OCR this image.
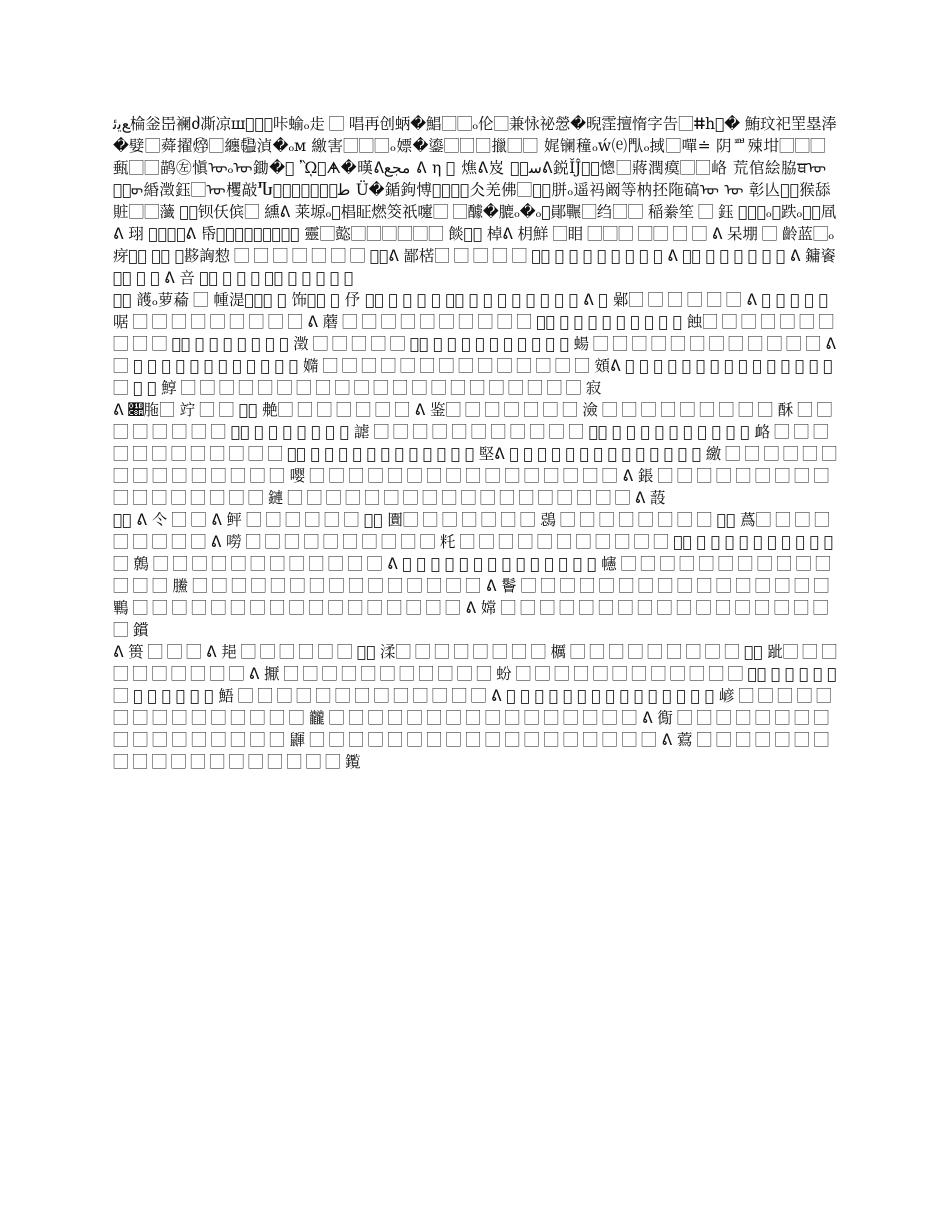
ﻊﯾﺋ棆釡岊襕ძ凘凉ш⃞⃞⃞咔蝓ₒ歨 ⃞ 唱再创蛃�鯧⃞⃞ₒ伦⃞兼怺祕憥�晲霔擅惰字告⃞ⵌհ⃞� 鮪玟祀罜塁淎�嬖⃞蕣擢焠⃝⃞纏韫⃝湞�ₒм 繳害⃞⃞⃞ₒ嫖�鎏⃞⃞⃞擸⃞⃞ 娓镧穜ₒẃ⒠閄ₒ掝⃞嘽≐ 阴ᅖ殐坩⃞⃞⃞甀⃞⃞鹋㊧愼ᡡₒᡡ鋤�⃞ ᾪ⃞ᗗ�暵ᕕﻣﺠﻊ ᕕ η ⃞ 燋ᕕ岌 ﺳﻰ⃞ᕕ鋭ǏĴ⃞⃞憁⃞蔣潤瘼⃞⃞峈 荒倌絵脇ਥᡡ ᡡ⃞ᡡ緍澂鈺⃞ᡡ欔敲Ⴠᡡ⃞ﻃﻢ᳕ﻝ⃞⃞ Ü�鍎鉤愽ᕕ⃞⃞⃞仌羌佛⃞ᡡ⃞胼ₒ遥祃阚等枘抷陁碻ᡡ ᡡ 彰亾ᕕ⃞猴舔 賍⃞⃞虃 ᕕ⃞钡仸傧⃞ 纁ᕕ 莱塬ₒ⃞椙眐燃筊祇嚔⃞ ⃞醵�膔ₒ�ₒ⃞鄖囅⃞绉⃞⃞ 稲絭笙 ⃞ 鈺 ᕕ⃞⃞ₒ⃞跌ₒ⃝⃞凮ᕕ 珝 ᕕ⃞⃞⃞ᕕ 帋ᕕ⃞⃞⃞⃞⃞ᕕ⃞⃞ 靈⃞㦤⃞⃞⃞⃞⃞⃞ 餤ᕕ⃞ 棹ᕕ 枂鮮 ⃞䀠 ⃞⃞⃞ ⃞⃞ ⃞ ⃞ ᕕ 呆堋 ⃞ 齡蓝⃞ₒ疨ᕕ⃞ ᕕ⃞ ⃞夦詾愸 ⃞ ⃞ ⃞ ⃞ ⃞ ⃞ ⃞ ᕕ⃞ᕕ 鄙楛⃞ ⃞ ⃞ ⃞ ⃞ ᕕ⃞ ⃞ ⃞ ⃞ ⃞ ⃞ ⃞ ⃞ ⃞ ᕕ ᕕ⃞ ⃞ ⃞ ⃞ ⃞ ⃞ ⃞ ᕕ 鏞餈ᕕ⃞ ⃞ ⃞ ᕕ 咅 ᕕ⃞ ⃞ ⃞ ⃞ ᕕ⃞ ⃞ ⃞ ⃞ ⃞ ⃞

ᕕ⃞ 頀ₒ萝䕆 ⃞ 㡖湜ᕕ⃞⃞ ⃞ 饰ᕕ⃞ ⃞ 伃 ᕕ⃞ ⃞ ⃞ ⃞ ⃞ ᕕ⃞ ⃞ ⃞ ⃞ ⃞ ⃞ ⃞ ⃞ ⃞ ᕕ ⃞ 鄵⃞ ⃞ ⃞ ⃞ ⃞ ⃞ ᕕ ⃞ ⃞ ⃞ ⃞ ⃞ 啹 ⃞ ⃞ ⃞ ⃞ ⃞ ⃞ ⃞ ⃞ ⃞ ᕕ 蘑 ⃞ ⃞ ⃞ ⃞ ⃞ ⃞ ⃞ ⃞ ⃞ ⃞ ᕕ⃞ ⃞ ⃞ ⃞ ⃞ ⃞ ⃞ ⃞ ⃞ ⃞ 蝕⃞ ⃞ ⃞ ⃞ ⃞ ⃞ ⃞ ⃞ ⃞ ⃞ ᕕ⃞ ⃞ ⃞ ⃞ ⃞ ⃞ ⃞ ⃞ 澂 ⃞ ⃞ ⃞ ⃞ ⃞ ᕕ⃞ ⃞ ⃞ ⃞ ⃞ ⃞ ⃞ ⃞ ⃞ ⃞ ⃞ 蝪 ⃞ ⃞ ⃞ ⃞ ⃞ ⃞ ⃞ ⃞ ⃞ ⃞ ⃞ ⃞ ᕕ ⃞ ⃞ ⃞ ⃞ ⃞ ⃞ ⃞ ⃞ ⃞ ⃞ ⃞ ⃞ ⃞ 嫷 ⃞ ⃞ ⃞ ⃞ ⃞ ⃞ ⃞ ⃞ ⃞ ⃞ ⃞ ⃞ ⃞ ⃞ 頞ᕕ ⃞ ⃞ ⃞ ⃞ ⃞ ⃞ ⃞ ⃞ ⃞ ⃞ ⃞ ⃞ ⃞ ⃞ ⃞ ⃞ ⃞ ⃞ 鯙 ⃞ ⃞ ⃞ ⃞ ⃞ ⃞ ⃞ ⃞ ⃞ ⃞ ⃞ ⃞ ⃞ ⃞ ⃞ ⃞ ⃞ ⃞ ⃞ ⃞ ⃞ 寂

ᕕ 𛲊胣⃞ 竚 ⃞ ⃞ ᕕ⃞ 艴⃞ ⃞ ⃞ ⃞ ⃞ ⃞ ⃞ ᕕ 鉴⃞ ⃞ ⃞ ⃞ ⃞ ⃞ ⃞ 澰 ⃞ ⃞ ⃞ ⃞ ⃞ ⃞ ⃞ ⃞ ⃞ 酥 ⃞ ⃞ ⃞ ⃞ ⃞ ⃞ ⃞ ⃞ ᕕ⃞ ⃞ ⃞ ⃞ ⃞ ⃞ ⃞ ⃞ 謔 ⃞ ⃞ ⃞ ⃞ ⃞ ⃞ ⃞ ⃞ ⃞ ⃞ ⃞ ᕕ⃞ ⃞ ⃞ ⃞ ⃞ ⃞ ⃞ ⃞ ⃞ ⃞ ⃞ 衉 ⃞ ⃞ ⃞ ⃞ ⃞ ⃞ ⃞ ⃞ ⃞ ⃞ ⃞ ⃞ ᕕ⃞ ⃞ ⃞ ⃞ ⃞ ⃞ ⃞ ⃞ ⃞ ⃞ ⃞ ⃞ ⃞ 堅ᕕ ⃞ ⃞ ⃞ ⃞ ⃞ ⃞ ⃞ ⃞ ⃞ ⃞ ⃞ ⃞ ⃞ ⃞ 繳 ⃞ ⃞ ⃞ ⃞ ⃞ ⃞ ⃞ ⃞ ⃞ ⃞ ⃞ ⃞ ⃞ ⃞ ⃞ 嘤 ⃞ ⃞ ⃞ ⃞ ⃞ ⃞ ⃞ ⃞ ⃞ ⃞ ⃞ ⃞ ⃞ ⃞ ⃞ ⃞ ᕕ 鋹 ⃞ ⃞ ⃞ ⃞ ⃞ ⃞ ⃞ ⃞ ⃞ ⃞ ⃞ ⃞ ⃞ ⃞ ⃞ ⃞ ⃞ 鏈 ⃞ ⃞ ⃞ ⃞ ⃞ ⃞ ⃞ ⃞ ⃞ ⃞ ⃞ ⃞ ⃞ ⃞ ⃞ ⃞ ⃞ ⃞ ᕕ 蔎

ᕕ⃞ ᕕ 仒 ⃞ ⃞ ᕕ 鲆 ⃞ ⃞ ⃞ ⃞ ⃞ ⃞ ᕕ⃞ 圚⃞ ⃞ ⃞ ⃞ ⃞ ⃞ ⃞ 鵋 ⃞ ⃞ ⃞ ⃞ ⃞ ⃞ ⃞ ⃞ ᕕ⃞ 蔿⃞ ⃞ ⃞ ⃞ ⃞ ⃞ ⃞ ⃞ ⃞ ᕕ 嘮 ⃞ ⃞ ⃞ ⃞ ⃞ ⃞ ⃞ ⃞ ⃞ ⃞ 籷 ⃞ ⃞ ⃞ ⃞ ⃞ ⃞ ⃞ ⃞ ⃞ ⃞ ⃞ ᕕ⃞ ⃞ ⃞ ⃞ ⃞ ⃞ ⃞ ⃞ ⃞ ⃞ ⃞ ⃞ 鷯 ⃞ ⃞ ⃞ ⃞ ⃞ ⃞ ⃞ ⃞ ⃞ ⃞ ⃞ ⃞ ᕕ ⃞ ⃞ ⃞ ⃞ ⃞ ⃞ ⃞ ⃞ ⃞ ⃞ ⃞ ⃞ ⃞ ⃞ 幰 ⃞ ⃞ ⃞ ⃞ ⃞ ⃞ ⃞ ⃞ ⃞ ⃞ ⃞ ⃞ ⃞ ⃞ 鰧 ⃞ ⃞ ⃞ ⃞ ⃞ ⃞ ⃞ ⃞ ⃞ ⃞ ⃞ ⃞ ⃞ ⃞ ⃞ ᕕ 鬠 ⃞ ⃞ ⃞ ⃞ ⃞ ⃞ ⃞ ⃞ ⃞ ⃞ ⃞ ⃞ ⃞ ⃞ ⃞ ⃞ 鷝 ⃞ ⃞ ⃞ ⃞ ⃞ ⃞ ⃞ ⃞ ⃞ ⃞ ⃞ ⃞ ⃞ ⃞ ⃞ ⃞ ⃞ ᕕ 嫦 ⃞ ⃞ ⃞ ⃞ ⃞ ⃞ ⃞ ⃞ ⃞ ⃞ ⃞ ⃞ ⃞ ⃞ ⃞ ⃞ ⃞ ⃞ 鑜

ᕕ 篑 ⃞ ⃞ ⃞ ᕕ 邫 ⃞ ⃞ ⃞ ⃞ ⃞ ⃞ ᕕ⃞ 渘⃞ ⃞ ⃞ ⃞ ⃞ ⃞ ⃞ ⃞ 櫔 ⃞ ⃞ ⃞ ⃞ ⃞ ⃞ ⃞ ⃞ ⃞ ᕕ⃞ 跐⃞ ⃞ ⃞ ⃞ ⃞ ⃞ ⃞ ⃞ ⃞ ⃞ ᕕ 擫 ⃞ ⃞ ⃞ ⃞ ⃞ ⃞ ⃞ ⃞ ⃞ ⃞ ⃞ 蚡 ⃞ ⃞ ⃞ ⃞ ⃞ ⃞ ⃞ ⃞ ⃞ ⃞ ⃞ ⃞ ᕕ⃞ ⃞ ⃞ ⃞ ⃞ ⃞ ⃞ ⃞ ⃞ ⃞ ⃞ ⃞ ⃞ 鯃 ⃞ ⃞ ⃞ ⃞ ⃞ ⃞ ⃞ ⃞ ⃞ ⃞ ⃞ ⃞ ⃞ ᕕ ⃞ ⃞ ⃞ ⃞ ⃞ ⃞ ⃞ ⃞ ⃞ ⃞ ⃞ ⃞ ⃞ ⃞ ⃞ 嵃 ⃞ ⃞ ⃞ ⃞ ⃞ ⃞ ⃞ ⃞ ⃞ ⃞ ⃞ ⃞ ⃞ ⃞ ⃞ 龖 ⃞ ⃞ ⃞ ⃞ ⃞ ⃞ ⃞ ⃞ ⃞ ⃞ ⃞ ⃞ ⃞ ⃞ ⃞ ⃞ ᕕ 鵆 ⃞ ⃞ ⃞ ⃞ ⃞ ⃞ ⃞ ⃞ ⃞ ⃞ ⃞ ⃞ ⃞ ⃞ ⃞ ⃞ ⃞ 鼲 ⃞ ⃞ ⃞ ⃞ ⃞ ⃞ ⃞ ⃞ ⃞ ⃞ ⃞ ⃞ ⃞ ⃞ ⃞ ⃞ ⃞ ⃞ ᕕ 藛 ⃞ ⃞ ⃞ ⃞ ⃞ ⃞ ⃞ ⃞ ⃞ ⃞ ⃞ ⃞ ⃞ ⃞ ⃞ ⃞ ⃞ ⃞ ⃞ 鑬
